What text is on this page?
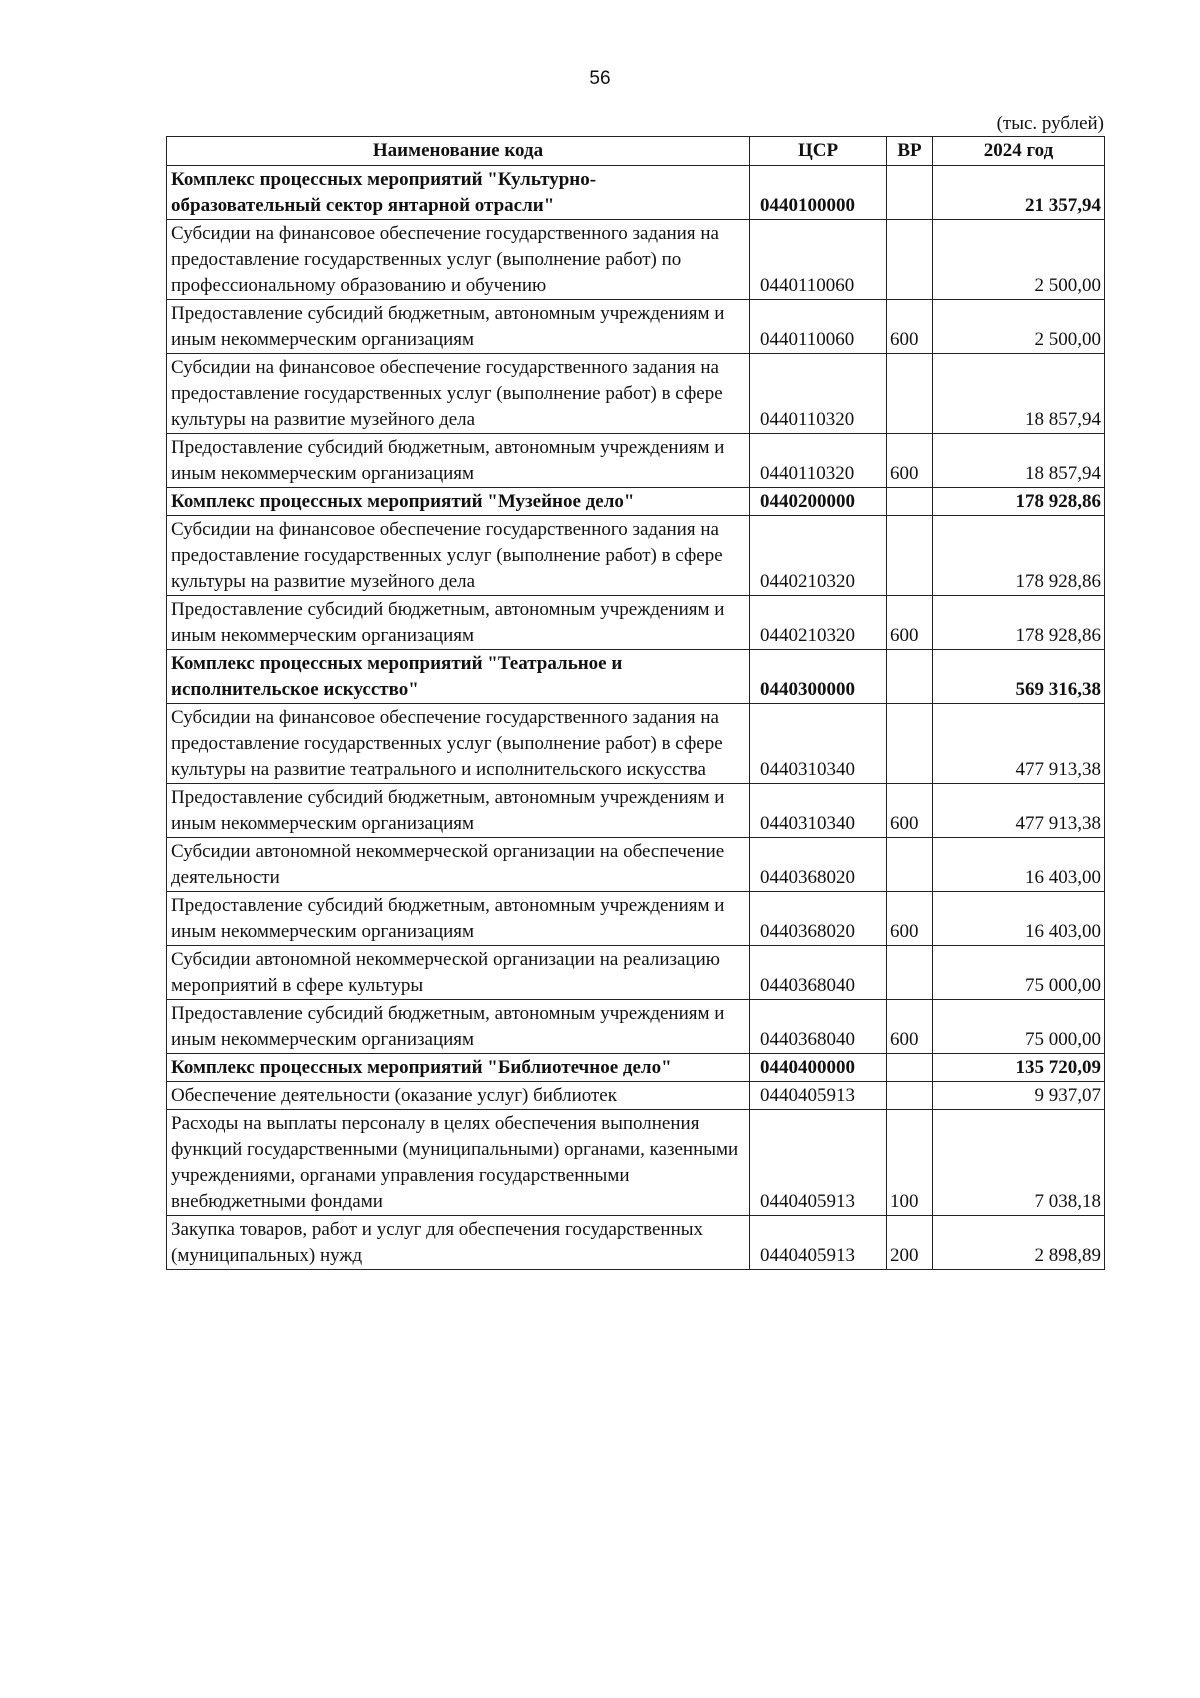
56
(тыс. рублей)
Наименование кода	ЦСР	ВР	2024 год
Комплекс процессных мероприятий "Культурно-образовательный сектор янтарной отрасли"	0440100000		21 357,94
Субсидии на финансовое обеспечение государственного задания на предоставление государственных услуг (выполнение работ) по профессиональному образованию и обучению	0440110060		2 500,00
Предоставление субсидий бюджетным, автономным учреждениям и иным некоммерческим организациям	0440110060	600	2 500,00
Субсидии на финансовое обеспечение государственного задания на предоставление государственных услуг (выполнение работ) в сфере культуры на развитие музейного дела	0440110320		18 857,94
Предоставление субсидий бюджетным, автономным учреждениям и иным некоммерческим организациям	0440110320	600	18 857,94
Комплекс процессных мероприятий "Музейное дело"	0440200000		178 928,86
Субсидии на финансовое обеспечение государственного задания на предоставление государственных услуг (выполнение работ) в сфере культуры на развитие музейного дела	0440210320		178 928,86
Предоставление субсидий бюджетным, автономным учреждениям и иным некоммерческим организациям	0440210320	600	178 928,86
Комплекс процессных мероприятий "Театральное и исполнительское искусство"	0440300000		569 316,38
Субсидии на финансовое обеспечение государственного задания на предоставление государственных услуг (выполнение работ) в сфере культуры на развитие театрального и исполнительского искусства	0440310340		477 913,38
Предоставление субсидий бюджетным, автономным учреждениям и иным некоммерческим организациям	0440310340	600	477 913,38
Субсидии автономной некоммерческой организации на обеспечение деятельности	0440368020		16 403,00
Предоставление субсидий бюджетным, автономным учреждениям и иным некоммерческим организациям	0440368020	600	16 403,00
Субсидии автономной некоммерческой организации на реализацию мероприятий в сфере культуры	0440368040		75 000,00
Предоставление субсидий бюджетным, автономным учреждениям и иным некоммерческим организациям	0440368040	600	75 000,00
Комплекс процессных мероприятий "Библиотечное дело"	0440400000		135 720,09
Обеспечение деятельности (оказание услуг) библиотек	0440405913		9 937,07
Расходы на выплаты персоналу в целях обеспечения выполнения функций государственными (муниципальными) органами, казенными учреждениями, органами управления государственными внебюджетными фондами	0440405913	100	7 038,18
Закупка товаров, работ и услуг для обеспечения государственных (муниципальных) нужд	0440405913	200	2 898,89
